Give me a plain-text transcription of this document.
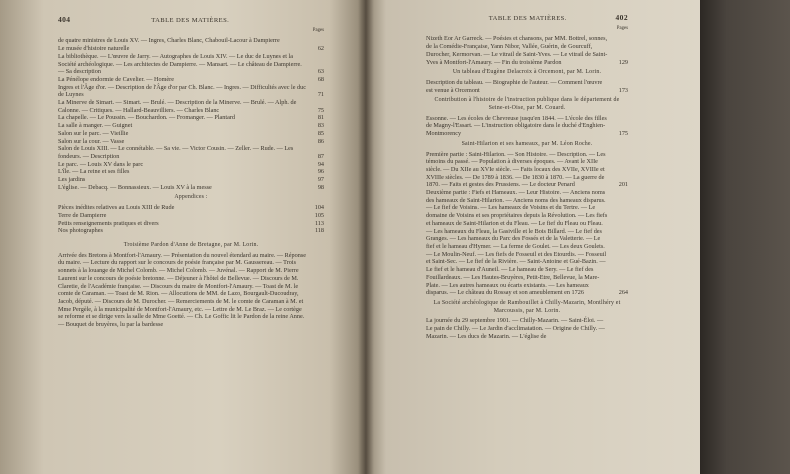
404	TABLE DES MATIÈRES.
Pages
de quatre ministres de Louis XV. — Ingres, Charles Blanc, Chabouil-Lacour à Dampierre
Le musée d'histoire naturelle	62
La bibliothèque. — L'œuvre de Jarry. — Autographes de Louis XIV. — Le duc de Luynes et la Société archéologique. — Les architectes de Dampierre. — Mansart. — Le château de Dampierre. — Sa description	63
La Pénélope endormie de Cavelier. — Homère	68
Ingres et l'Âge d'or. — Description de l'Âge d'or par Ch. Blanc. — Ingres. — Difficultés avec le duc de Luynes	71
La Minerve de Simart. — Simart. — Brulé. — Description de la Minerve. — Brulé. — Alph. de Calonne. — Critiques. — Hallard-Beauvilliers. — Charles Blanc	75
La chapelle. — Le Poussin. — Bouchardon. — Fromanger. — Plantard	81
La salle à manger. — Guignet	83
Salon sur le parc. — Vieillie	85
Salon sur la cour. — Vasse	86
Salon de Louis XIII. — Le connétable. — Sa vie. — Victor Cousin. — Zeller. — Rude. — Les fondeurs. — Description	87
Le parc. — Louis XV dans le parc	94
L'île. — La reine et ses filles	96
Les jardins	97
L'église. — Debacq. — Bonnassieux. — Louis XV à la messe	98
Appendices :
Pièces inédites relatives au Louis XIII de Rude	104
Terre de Dampierre	105
Petits renseignements pratiques et divers	113
Nos photographes	118
Troisième Pardon d'Anne de Bretagne, par M. Lorin.
Arrivée des Bretons à Montfort-l'Amaury. — Présentation du nouvel étendard au maire. — Réponse du maire. — Lecture du rapport sur le concours de poésie française par M. Gaussereau. — Trois sonnets à la louange de Michel Colomb. — Michel Colomb. — Juvénal. — Rapport de M. Pierre Laurent sur le concours de poésie bretonne. — Déjeuner à l'hôtel de Bellevue. — Discours de M. Claretie, de l'Académie française. — Discours du maire de Montfort-l'Amaury. — Toast de M. le comte de Caraman. — Toast de M. Rion. — Allocutions de MM. de Lazo, Bourgault-Ducoudray, Jacob, député. — Discours de M. Durocher. — Remerciements de M. le comte de Caraman à M. et Mme Pergèle, à la municipalité de Montfort-l'Amaury, etc. — Lettre de M. Le Braz. — Le cortège se reforme et se dirige vers la salle de Mme Goetté. — Ch. Le Goffic lit le Pardon de la reine Anne. — Bouquet de bruyères, lu par la bardesse
TABLE DES MATIÈRES.	402
Pages
Nizeth Eor Ar Garreck. — Poésies et chansons, par MM. Bottrel, sonnes, de la Comédie-Française, Yann Nibor, Vallée, Guérin, de Gourcuff, Durocher, Kermorvan. — Le vitrail de Saint-Yves. — Le vitrail de Saint-Yves à Montfort-l'Amaury. — Fin du troisième Pardon	129
Un tableau d'Eugène Delacroix à Orcemont, par M. Lorin.
Description du tableau. — Biographie de l'auteur. — Comment l'œuvre est venue à Orcemont	173
Contribution à l'histoire de l'instruction publique dans le département de Seine-et-Oise, par M. Couard.
Essonne. — Les écoles de Chevreuse jusqu'en 1844. — L'école des filles de Magny-l'Essart. — L'instruction obligatoire dans le duché d'Enghien-Montmorency	175
Saint-Hilarion et ses hameaux, par M. Léon Roche.
Première partie : Saint-Hilarion. — Son Histoire. — Description. — Les témoins du passé. — Population à diverses époques. — Avant le XIIe siècle. — Du XIIe au XVIe siècle. — Faits locaux des XVIIe, XVIIIe et XVIIIe siècles. — De 1789 à 1836. — De 1830 à 1870. — La guerre de 1870. — Faits et gestes des Prussiens. — Le docteur Penard	201
Deuxième partie : Fiefs et Hameaux. — Leur Histoire. — Anciens noms des hameaux de Saint-Hilarion. — Anciens noms des hameaux disparus. — Le fief de Voisins. — Les hameaux de Voisins et du Tertre. — Le domaine de Voisins et ses propriétaires depuis la Révolution. — Les fiefs et hameaux de Saint-Hilarion et du Fleau. — Le fief du Fleau ou Fleau. — Les hameaux du Fleau, la Gasiville et le Bois Billard. — Le fief des Granges. — Les hameaux du Parc des Fossés et de la Valetterie. — Le fief et le hameau d'Hymer. — La ferme de Goulet. — Les deux Goulets. — Le Moulin-Neuf. — Les fiefs de Fosseuil et des Etourdis. — Fosseuil et Saint-Sec. — Le fief de la Rivière. — Saint-Antoine et Gué-Bazin. — Le fief et le hameau d'Auneil. — Le hameau de Sery. — Le fief des Fouillardeaux. — Les Hautes-Bruyères, Petit-Etre, Bellevue, la Mare-Plate. — Les autres hameaux ou écarts existants. — Les hameaux disparus. — Le château du Rossay et son ameublement en 1726	264
La Société archéologique de Rambouillet à Chilly-Mazarin, Montlhéry et Marcoussis, par M. Lorin.
La journée du 29 septembre 1901. — Chilly-Mazarin. — Saint-Éloi. — Le pain de Chilly. — Le Jardin d'acclimatation. — Origine de Chilly. — Mazarin. — Les ducs de Mazarin. — L'église de
